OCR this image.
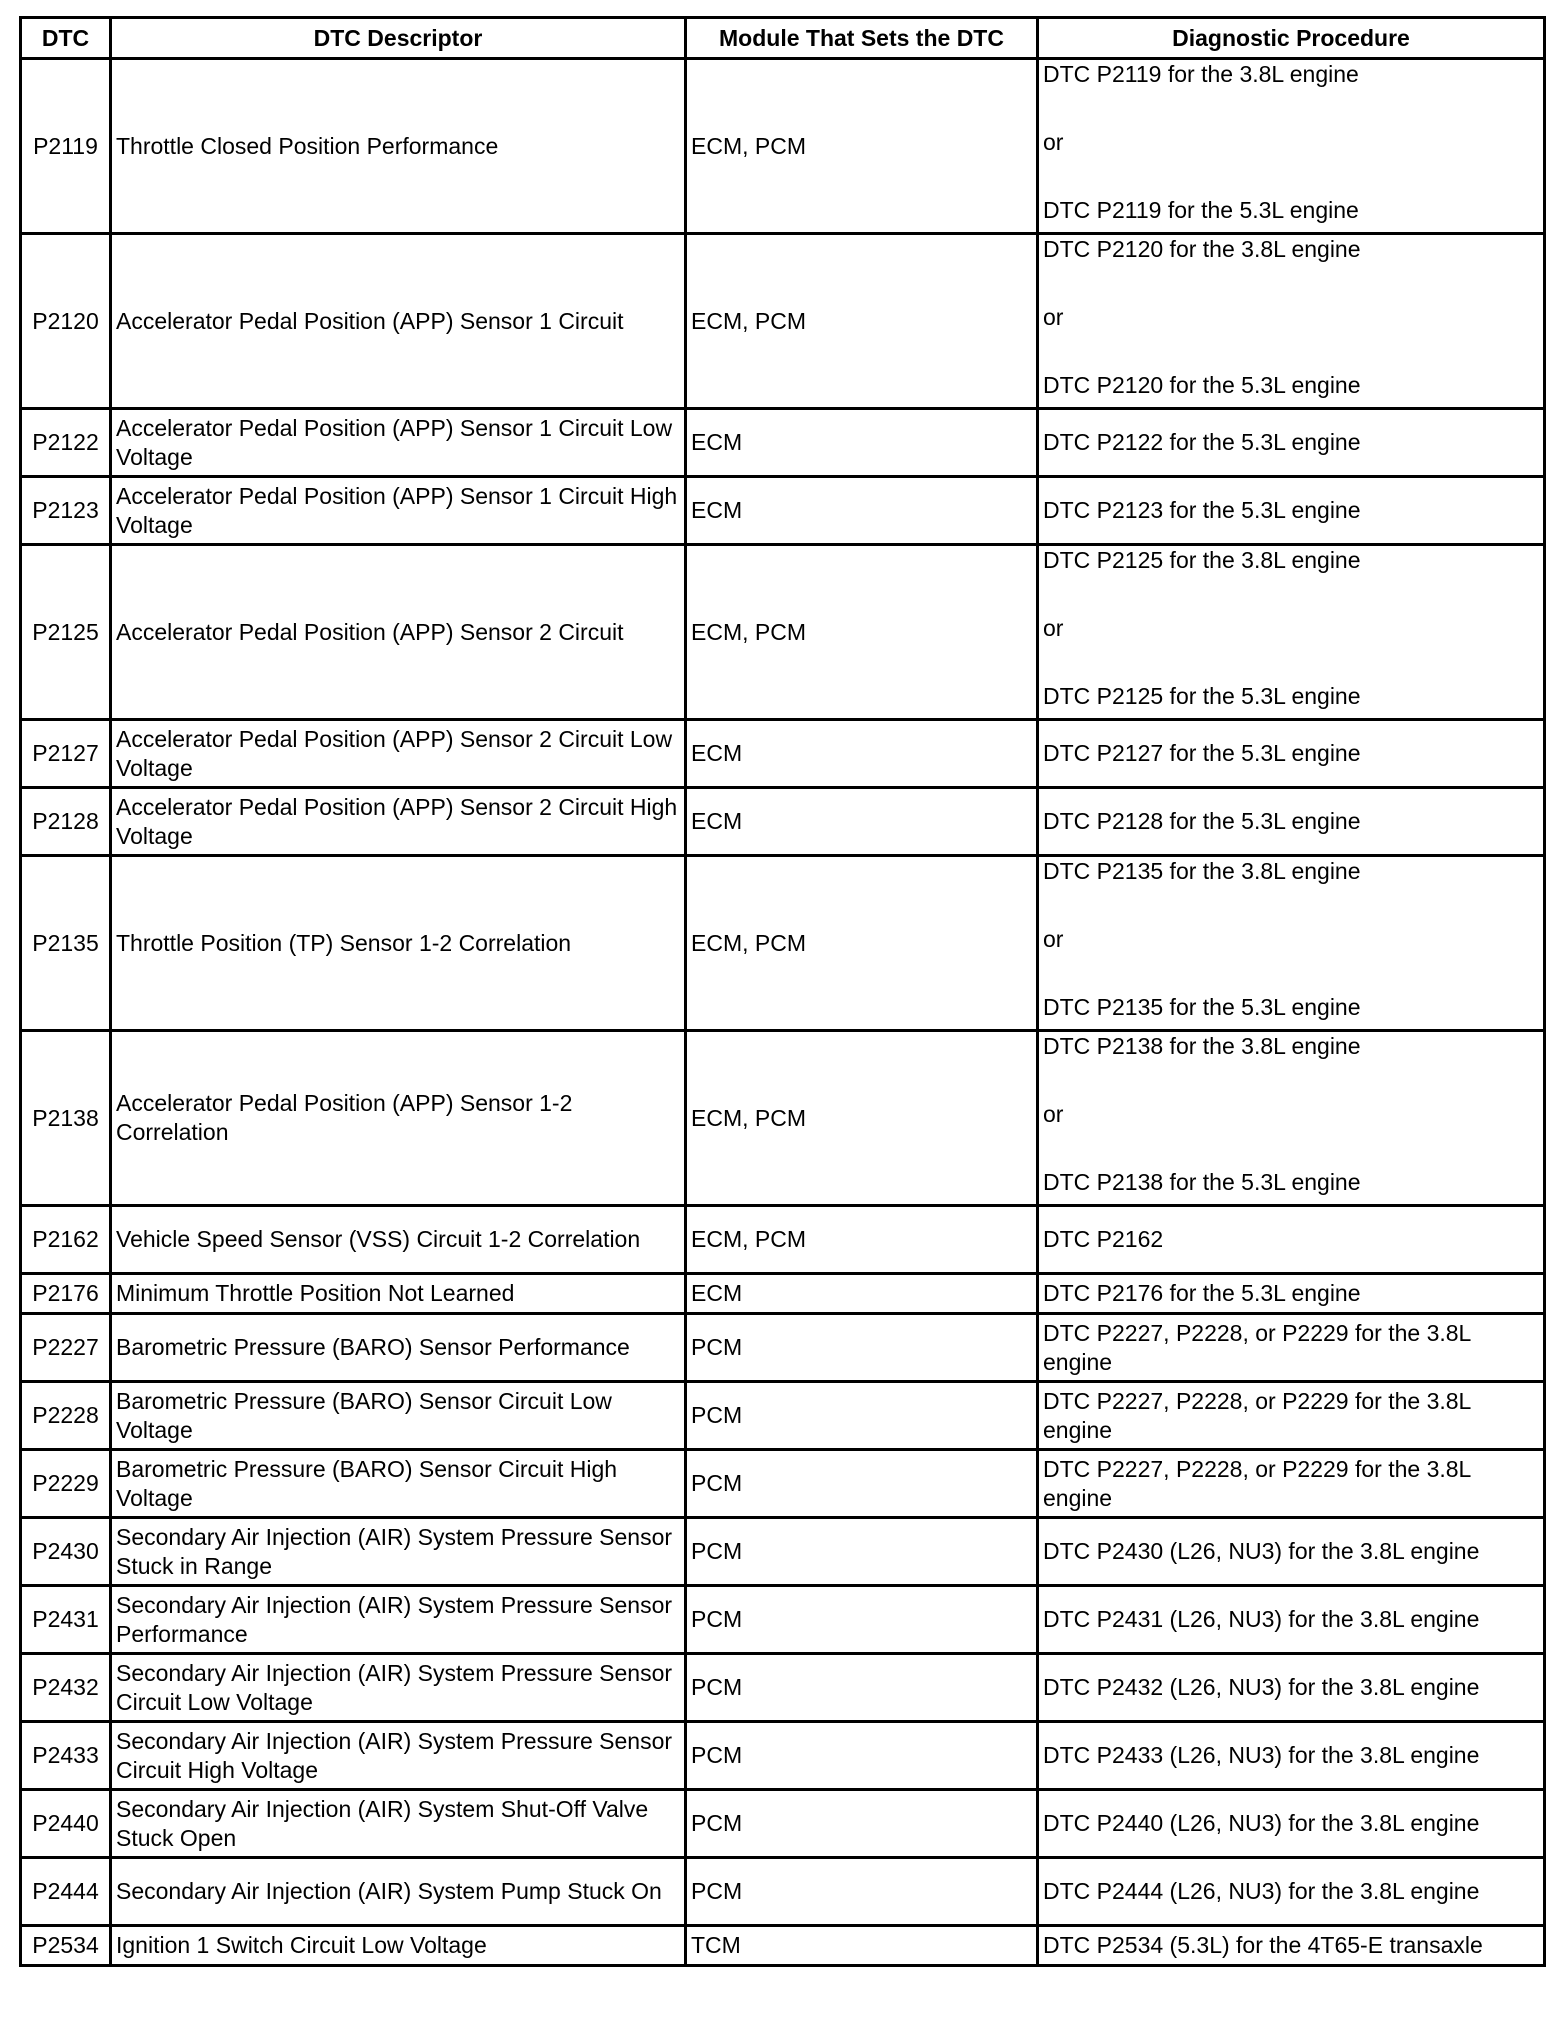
DTC	DTC Descriptor	Module That Sets the DTC	Diagnostic Procedure
P2119	Throttle Closed Position Performance	ECM, PCM	DTC P2119 for the 3.8L engine
or
DTC P2119 for the 5.3L engine

P2120	Accelerator Pedal Position (APP) Sensor 1 Circuit	ECM, PCM	DTC P2120 for the 3.8L engine
or
DTC P2120 for the 5.3L engine

P2122	Accelerator Pedal Position (APP) Sensor 1 Circuit Low Voltage	ECM	DTC P2122 for the 5.3L engine

P2123	Accelerator Pedal Position (APP) Sensor 1 Circuit High Voltage	ECM	DTC P2123 for the 5.3L engine

P2125	Accelerator Pedal Position (APP) Sensor 2 Circuit	ECM, PCM	DTC P2125 for the 3.8L engine
or
DTC P2125 for the 5.3L engine

P2127	Accelerator Pedal Position (APP) Sensor 2 Circuit Low Voltage	ECM	DTC P2127 for the 5.3L engine

P2128	Accelerator Pedal Position (APP) Sensor 2 Circuit High Voltage	ECM	DTC P2128 for the 5.3L engine

P2135	Throttle Position (TP) Sensor 1-2 Correlation	ECM, PCM	DTC P2135 for the 3.8L engine
or
DTC P2135 for the 5.3L engine

P2138	Accelerator Pedal Position (APP) Sensor 1-2 Correlation	ECM, PCM	DTC P2138 for the 3.8L engine
or
DTC P2138 for the 5.3L engine

P2162	Vehicle Speed Sensor (VSS) Circuit 1-2 Correlation	ECM, PCM	DTC P2162

P2176	Minimum Throttle Position Not Learned	ECM	DTC P2176 for the 5.3L engine

P2227	Barometric Pressure (BARO) Sensor Performance	PCM	DTC P2227, P2228, or P2229 for the 3.8L engine

P2228	Barometric Pressure (BARO) Sensor Circuit Low Voltage	PCM	DTC P2227, P2228, or P2229 for the 3.8L engine

P2229	Barometric Pressure (BARO) Sensor Circuit High Voltage	PCM	DTC P2227, P2228, or P2229 for the 3.8L engine

P2430	Secondary Air Injection (AIR) System Pressure Sensor Stuck in Range	PCM	DTC P2430 (L26, NU3) for the 3.8L engine

P2431	Secondary Air Injection (AIR) System Pressure Sensor Performance	PCM	DTC P2431 (L26, NU3) for the 3.8L engine

P2432	Secondary Air Injection (AIR) System Pressure Sensor Circuit Low Voltage	PCM	DTC P2432 (L26, NU3) for the 3.8L engine

P2433	Secondary Air Injection (AIR) System Pressure Sensor Circuit High Voltage	PCM	DTC P2433 (L26, NU3) for the 3.8L engine

P2440	Secondary Air Injection (AIR) System Shut-Off Valve Stuck Open	PCM	DTC P2440 (L26, NU3) for the 3.8L engine

P2444	Secondary Air Injection (AIR) System Pump Stuck On	PCM	DTC P2444 (L26, NU3) for the 3.8L engine

P2534	Ignition 1 Switch Circuit Low Voltage	TCM	DTC P2534 (5.3L) for the 4T65-E transaxle
